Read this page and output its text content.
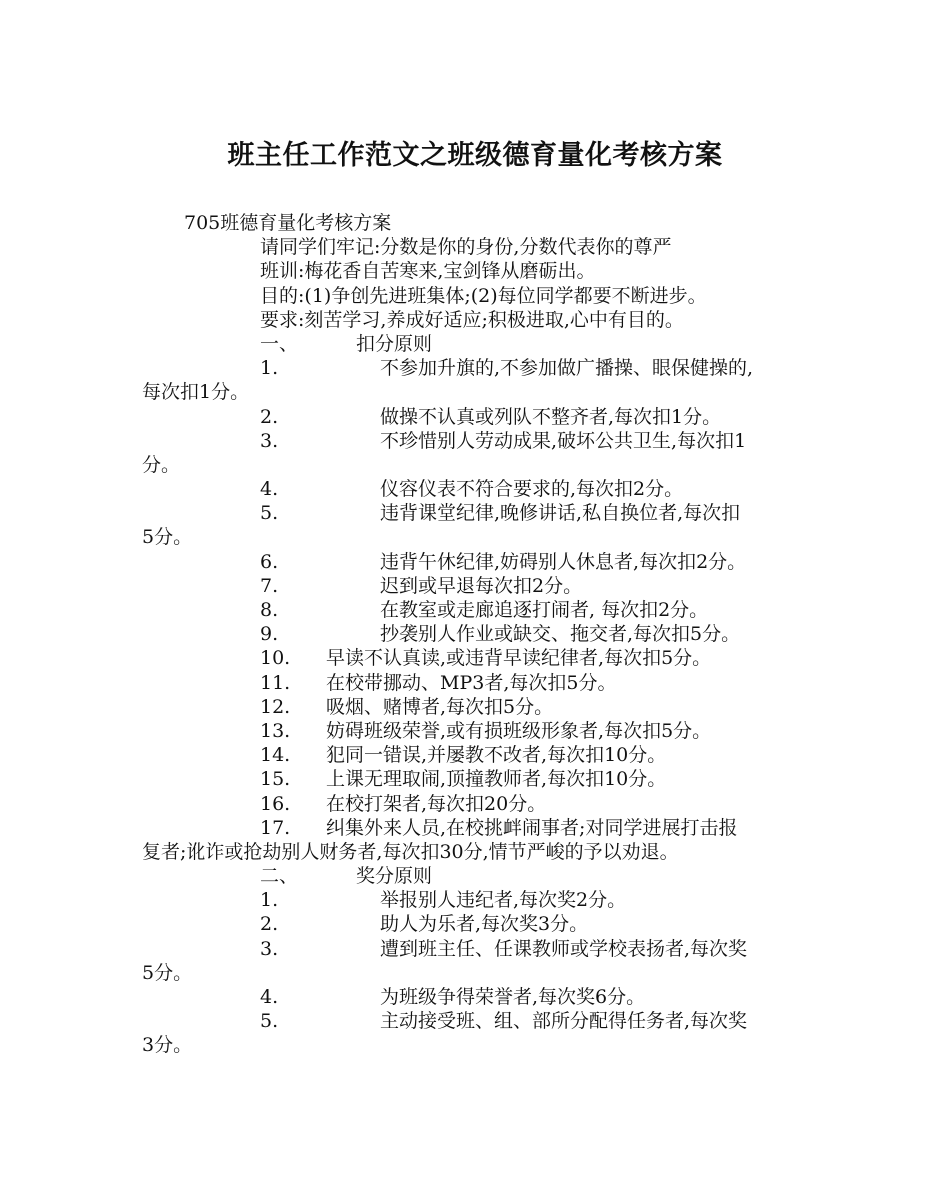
班主任工作范文之班级德育量化考核方案
705班德育量化考核方案
请同学们牢记:分数是你的身份,分数代表你的尊严
班训:梅花香自苦寒来,宝剑锋从磨砺出。
目的:(1)争创先进班集体;(2)每位同学都要不断进步。
要求:刻苦学习,养成好适应;积极进取,心中有目的。
一、	扣分原则
1.	不参加升旗的,不参加做广播操、眼保健操的,
每次扣1分。
2.	做操不认真或列队不整齐者,每次扣1分。
3.	不珍惜别人劳动成果,破坏公共卫生,每次扣1
分。
4.	仪容仪表不符合要求的,每次扣2分。
5.	违背课堂纪律,晚修讲话,私自换位者,每次扣
5分。
6.	违背午休纪律,妨碍别人休息者,每次扣2分。
7.	迟到或早退每次扣2分。
8.	在教室或走廊追逐打闹者, 每次扣2分。
9.	抄袭别人作业或缺交、拖交者,每次扣5分。
10. 早读不认真读,或违背早读纪律者,每次扣5分。
11. 在校带挪动、MP3者,每次扣5分。
12. 吸烟、赌博者,每次扣5分。
13. 妨碍班级荣誉,或有损班级形象者,每次扣5分。
14. 犯同一错误,并屡教不改者,每次扣10分。
15. 上课无理取闹,顶撞教师者,每次扣10分。
16. 在校打架者,每次扣20分。
17. 纠集外来人员,在校挑衅闹事者;对同学进展打击报
复者;讹诈或抢劫别人财务者,每次扣30分,情节严峻的予以劝退。
二、	奖分原则
1.	举报别人违纪者,每次奖2分。
2.	助人为乐者,每次奖3分。
3.	遭到班主任、任课教师或学校表扬者,每次奖
5分。
4.	为班级争得荣誉者,每次奖6分。
5.	主动接受班、组、部所分配得任务者,每次奖
3分。
